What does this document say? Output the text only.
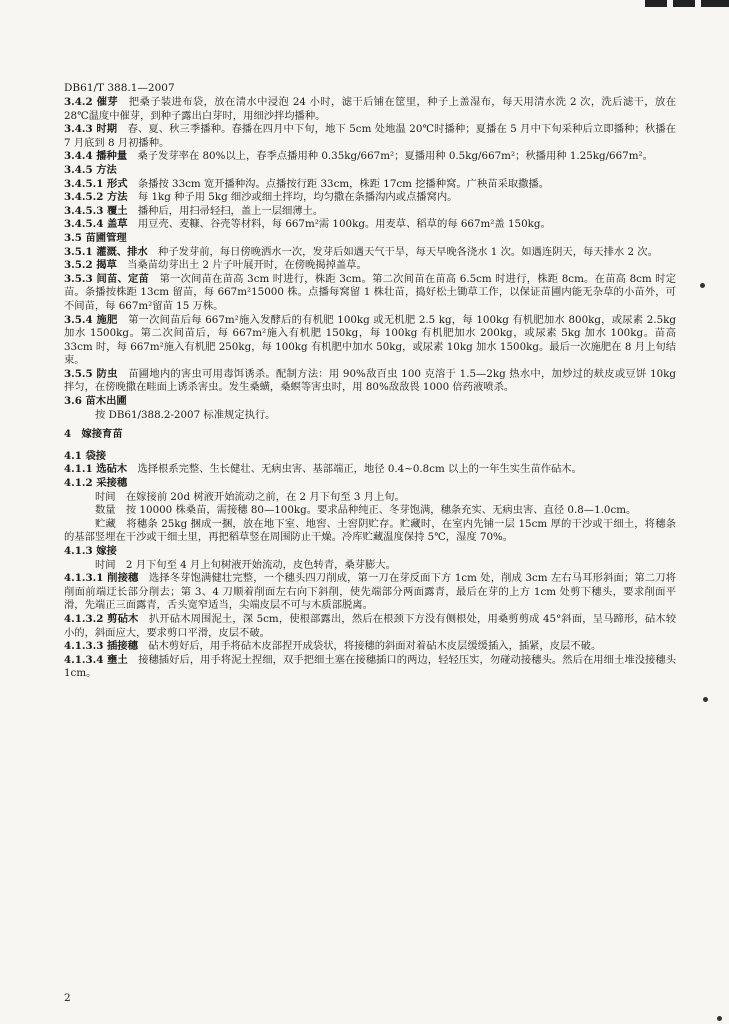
DB61/T 388.1—2007

3.4.2 催芽　 把桑子装进布袋，放在清水中浸泡 24 小时，滤干后铺在筐里，种子上盖湿布，每天用清水洗 2 次，洗后滤干，放在 28℃温度中催芽，到种子露出白芽时，用细沙拌均播种。

3.4.3 时期　 春、夏、秋三季播种。春播在四月中下旬，地下 5cm 处地温 20℃时播种；夏播在 5 月中下旬采种后立即播种；秋播在 7 月底到 8 月初播种。

3.4.4 播种量　 桑子发芽率在 80%以上，春季点播用种 0.35kg/667m²；夏播用种 0.5kg/667m²；秋播用种 1.25kg/667m²。

3.4.5 方法

3.4.5.1 形式　 条播按 33cm 宽开播种沟。点播按行距 33cm，株距 17cm 挖播种窝。广秧苗采取撒播。

3.4.5.2 方法　 每 1kg 种子用 5kg 细沙或细土拌均，均匀撒在条播沟内或点播窝内。

3.4.5.3 覆土　 播种后，用扫帚轻扫，盖上一层细薄土。

3.4.5.4 盖草　 用豆壳、麦糠、谷壳等材料，每 667m²需 100kg。用麦草、稻草的每 667m²盖 150kg。

3.5 苗圃管理

3.5.1 灌溉、排水　 种子发芽前，每日傍晚洒水一次，发芽后如遇天气干旱，每天早晚各浇水 1 次。如遇连阴天，每天排水 2 次。

3.5.2 揭草　 当桑苗幼芽出土 2 片子叶展开时，在傍晚揭掉盖草。

3.5.3 间苗、定苗　 第一次间苗在苗高 3cm 时进行，株距 3cm。第二次间苗在苗高 6.5cm 时进行，株距 8cm。在苗高 8cm 时定苗。条播按株距 13cm 留苗，每 667m²15000 株。点播每窝留 1 株壮苗，捣好松土锄草工作，以保证苗圃内能无杂草的小苗外，可不间苗，每 667m²留苗 15 万株。

3.5.4 施肥　 第一次间苗后每 667m²施入发酵后的有机肥 100kg 或无机肥 2.5 kg，每 100kg 有机肥加水 800kg，或尿素 2.5kg 加水 1500kg。第二次间苗后，每 667m²施入有机肥 150kg，每 100kg 有机肥加水 200kg，或尿素 5kg 加水 100kg。苗高 33cm 时，每 667m²施入有机肥 250kg，每 100kg 有机肥中加水 50kg，或尿素 10kg 加水 1500kg。最后一次施肥在 8 月上旬结束。

3.5.5 防虫　 苗圃地内的害虫可用毒饵诱杀。配制方法：用 90%敌百虫 100 克溶于 1.5—2kg 热水中，加炒过的麸皮或豆饼 10kg 拌匀，在傍晚撒在畦面上诱杀害虫。发生桑蟥，桑螟等害虫时，用 80%敌敌畏 1000 倍药液喷杀。

3.6 苗木出圃

按 DB61/388.2-2007 标准规定执行。

4　嫁接育苗

4.1 袋接

4.1.1 选砧木　 选择根系完整、生长健壮、无病虫害、基部端正，地径 0.4~0.8cm 以上的一年生实生苗作砧木。

4.1.2 采接穗

时间　在嫁接前 20d 树液开始流动之前，在 2 月下旬至 3 月上旬。

数量　按 10000 株桑苗，需接穗 80—100kg。要求品种纯正、冬芽饱满，穗条充实、无病虫害、直径 0.8—1.0cm。

贮藏　将穗条 25kg 捆成一捆，放在地下室、地窖、土窖阴贮存。贮藏时，在室内先铺一层 15cm 厚的干沙或干细土，将穗条的基部竖埋在干沙或干细土里，再把稻草竖在周围防止干燥。冷库贮藏温度保持 5℃，湿度 70%。

4.1.3 嫁接

时间　2 月下旬至 4 月上旬树液开始流动，皮色转青，桑芽膨大。

4.1.3.1 削接穗　 选择冬芽饱满健壮完整，一个穗头四刀削成，第一刀在芽反面下方 1cm 处，削成 3cm 左右马耳形斜面；第二刀将削面前端迂长部分削去；第 3、4 刀顺着削面左右向下斜削，使先端部分两面露青，最后在芽的上方 1cm 处剪下穗头，要求削面平滑，先端正三面露青，舌头宽窄适当，尖端皮层不可与木质部脱离。

4.1.3.2 剪砧木　 扒开砧木周围泥土，深 5cm，使根部露出，然后在根颈下方没有侧根处，用桑剪剪成 45°斜面，呈马蹄形，砧木较小的，斜面应大，要求剪口平滑，皮层不破。

4.1.3.3 插接穗　 砧木剪好后，用手将砧木皮部捏开成袋状，将接穗的斜面对着砧木皮层缓缓插入，插紧，皮层不破。

4.1.3.4 壅土　 接穗插好后，用手将泥土捏细，双手把细土塞在接穗插口的两边，轻轻压实，勿碰动接穗头。然后在用细土堆没接穗头 1cm。

2
